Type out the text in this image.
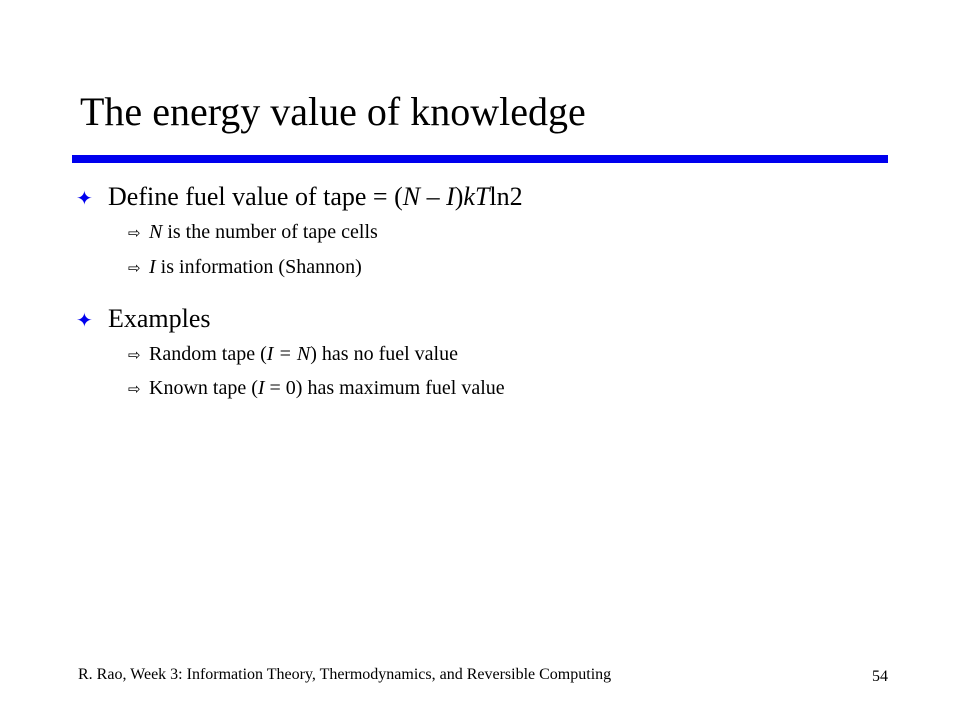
The energy value of knowledge
✦ Define fuel value of tape = (N – I)kTln2
⇨ N is the number of tape cells
⇨ I is information (Shannon)
✦ Examples
⇨ Random tape (I = N) has no fuel value
⇨ Known tape (I = 0) has maximum fuel value
R. Rao, Week 3: Information Theory, Thermodynamics, and Reversible Computing	54
